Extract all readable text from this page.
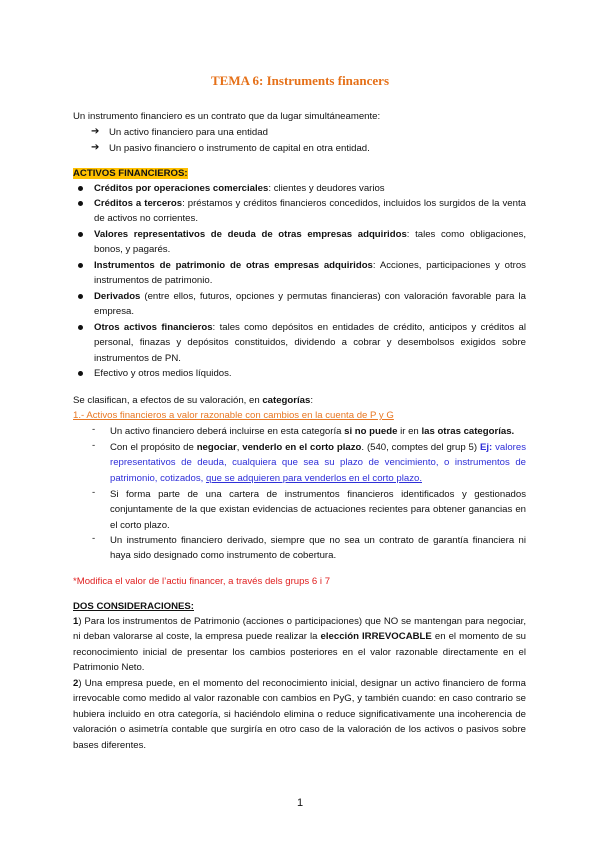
TEMA 6: Instruments financers
Un instrumento financiero es un contrato que da lugar simultáneamente:
➔ Un activo financiero para una entidad
➔ Un pasivo financiero o instrumento de capital en otra entidad.
ACTIVOS FINANCIEROS:
Créditos por operaciones comerciales: clientes y deudores varios
Créditos a terceros: préstamos y créditos financieros concedidos, incluidos los surgidos de la venta de activos no corrientes.
Valores representativos de deuda de otras empresas adquiridos: tales como obligaciones, bonos, y pagarés.
Instrumentos de patrimonio de otras empresas adquiridos: Acciones, participaciones y otros instrumentos de patrimonio.
Derivados (entre ellos, futuros, opciones y permutas financieras) con valoración favorable para la empresa.
Otros activos financieros: tales como depósitos en entidades de crédito, anticipos y créditos al personal, finazas y depósitos constituidos, dividendo a cobrar y desembolsos exigidos sobre instrumentos de PN.
Efectivo y otros medios líquidos.
Se clasifican, a efectos de su valoración, en categorías:
1.- Activos financieros a valor razonable con cambios en la cuenta de P y G
- Un activo financiero deberá incluirse en esta categoría si no puede ir en las otras categorías.
- Con el propósito de negociar, venderlo en el corto plazo. (540, comptes del grup 5) Ej: valores representativos de deuda, cualquiera que sea su plazo de vencimiento, o instrumentos de patrimonio, cotizados, que se adquieren para venderlos en el corto plazo.
- Si forma parte de una cartera de instrumentos financieros identificados y gestionados conjuntamente de la que existan evidencias de actuaciones recientes para obtener ganancias en el corto plazo.
- Un instrumento financiero derivado, siempre que no sea un contrato de garantía financiera ni haya sido designado como instrumento de cobertura.
*Modifica el valor de l’actiu financer, a través dels grups 6 i 7
DOS CONSIDERACIONES:
1) Para los instrumentos de Patrimonio (acciones o participaciones) que NO se mantengan para negociar, ni deban valorarse al coste, la empresa puede realizar la elección IRREVOCABLE en el momento de su reconocimiento inicial de presentar los cambios posteriores en el valor razonable directamente en el Patrimonio Neto.
2) Una empresa puede, en el momento del reconocimiento inicial, designar un activo financiero de forma irrevocable como medido al valor razonable con cambios en PyG, y también cuando: en caso contrario se hubiera incluido en otra categoría, si haciéndolo elimina o reduce significativamente una incoherencia de valoración o asimetría contable que surgiría en otro caso de la valoración de los activos o pasivos sobre bases diferentes.
1
